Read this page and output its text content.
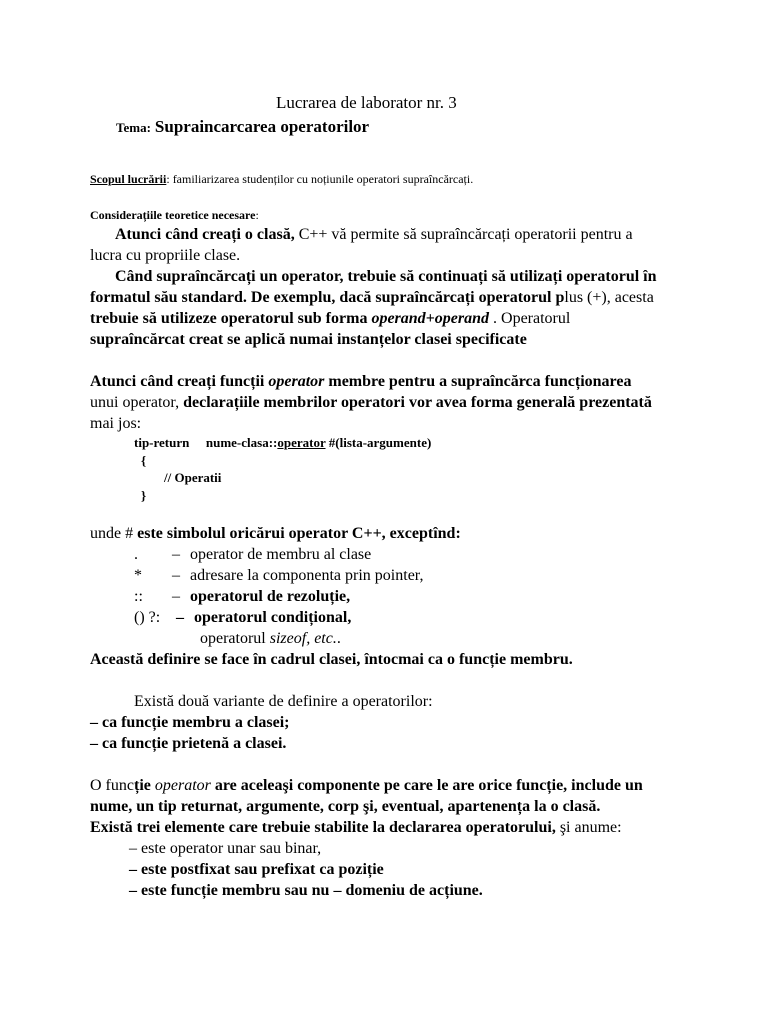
Lucrarea de laborator nr. 3
Tema: Supraincarcarea operatorilor
Scopul lucrării: familiarizarea studenților cu noțiunile operatori supraîncărcați.
Considerațiile teoretice necesare:
Atunci când creați o clasă, C++ vă permite să supraîncărcați operatorii pentru a
lucra cu propriile clase.
Când supraîncărcați un operator, trebuie să continuați să utilizați operatorul în
formatul său standard. De exemplu, dacă supraîncărcați operatorul plus (+), acesta
trebuie să utilizeze operatorul sub forma operand+operand . Operatorul
supraîncărcat creat se aplică numai instanțelor clasei specificate
Atunci când creați funcții operator membre pentru a supraîncărca funcționarea
unui operator, declarațiile membrilor operatori vor avea forma generală prezentată
mai jos:
tip-return nume-clasa::operator #(lista-argumente)
{
// Operatii
}
unde # este simbolul oricărui operator C++, exceptînd:
. – operator de membru al clase
* – adresare la componenta prin pointer,
:: – operatorul de rezoluție,
() ?: – operatorul condițional,
operatorul sizeof, etc..
Această definire se face în cadrul clasei, întocmai ca o funcție membru.
Există două variante de definire a operatorilor:
– ca funcție membru a clasei;
– ca funcție prietenă a clasei.
O funcție operator are aceleaşi componente pe care le are orice funcție, include un
nume, un tip returnat, argumente, corp şi, eventual, apartenența la o clasă.
Există trei elemente care trebuie stabilite la declararea operatorului, şi anume:
– este operator unar sau binar,
– este postfixat sau prefixat ca poziție
– este funcție membru sau nu – domeniu de acțiune.
